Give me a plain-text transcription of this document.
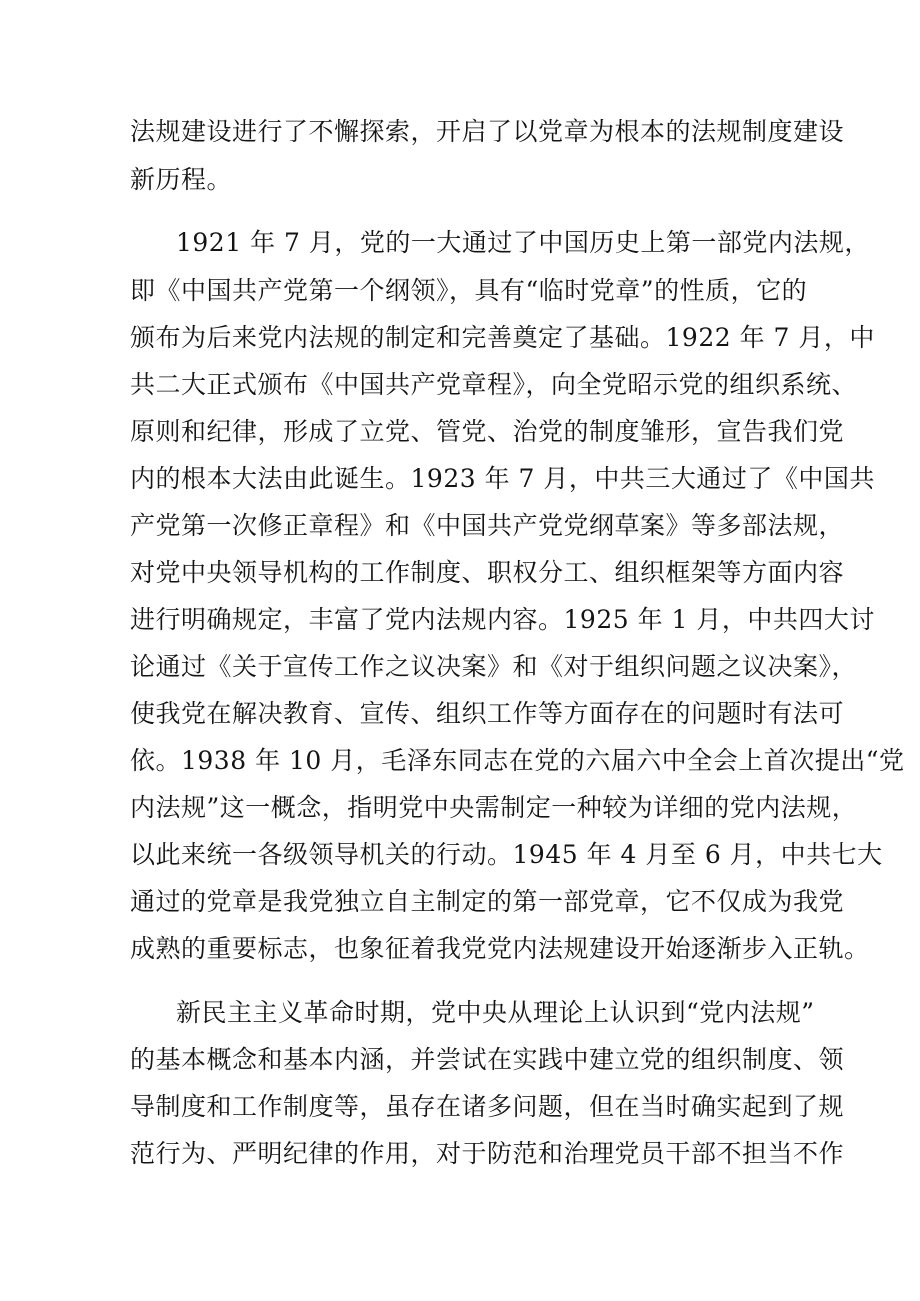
法规建设进行了不懈探索，开启了以党章为根本的法规制度建设
新历程。
1921 年 7 月，党的一大通过了中国历史上第一部党内法规，
即《中国共产党第一个纲领》，具有“临时党章”的性质，它的
颁布为后来党内法规的制定和完善奠定了基础。1922 年 7 月，中
共二大正式颁布《中国共产党章程》，向全党昭示党的组织系统、
原则和纪律，形成了立党、管党、治党的制度雏形，宣告我们党
内的根本大法由此诞生。1923 年 7 月，中共三大通过了《中国共
产党第一次修正章程》和《中国共产党党纲草案》等多部法规，
对党中央领导机构的工作制度、职权分工、组织框架等方面内容
进行明确规定，丰富了党内法规内容。1925 年 1 月，中共四大讨
论通过《关于宣传工作之议决案》和《对于组织问题之议决案》，
使我党在解决教育、宣传、组织工作等方面存在的问题时有法可
依。1938 年 10 月，毛泽东同志在党的六届六中全会上首次提出“党
内法规”这一概念，指明党中央需制定一种较为详细的党内法规，
以此来统一各级领导机关的行动。1945 年 4 月至 6 月，中共七大
通过的党章是我党独立自主制定的第一部党章，它不仅成为我党
成熟的重要标志，也象征着我党党内法规建设开始逐渐步入正轨。
新民主主义革命时期，党中央从理论上认识到“党内法规”
的基本概念和基本内涵，并尝试在实践中建立党的组织制度、领
导制度和工作制度等，虽存在诸多问题，但在当时确实起到了规
范行为、严明纪律的作用，对于防范和治理党员干部不担当不作
